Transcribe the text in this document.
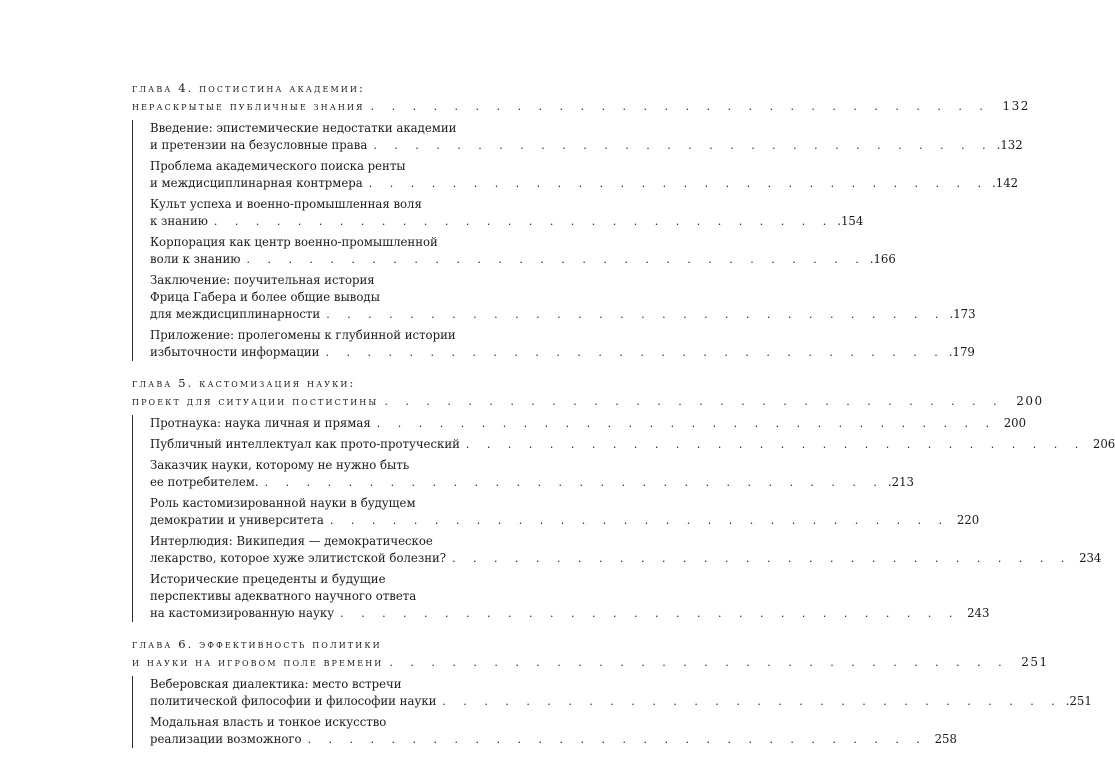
глава 4. постистина академии:
нераскрытые публичные знания . . . . . . . . . . . . . . . . . . . . . . . . . . . . . .	132
Введение: эпистемические недостатки академии
и претензии на безусловные права . . . . . . . . . . . . . . . . . . . . . . . . . . . . . . .132
Проблема академического поиска ренты
и междисциплинарная контрмера . . . . . . . . . . . . . . . . . . . . . . . . . . . . . . .142
Культ успеха и военно-промышленная воля
к знанию . . . . . . . . . . . . . . . . . . . . . . . . . . . . . . .154
Корпорация как центр военно-промышленной
воли к знанию . . . . . . . . . . . . . . . . . . . . . . . . . . . . . . .166
Заключение: поучительная история
Фрица Габера и более общие выводы
для междисциплинарности . . . . . . . . . . . . . . . . . . . . . . . . . . . . . . .173
Приложение: пролегомены к глубинной истории
избыточности информации . . . . . . . . . . . . . . . . . . . . . . . . . . . . . . .179
глава 5. кастомизация науки:
проект для ситуации постистины . . . . . . . . . . . . . . . . . . . . . . . . . . . . . .	200
Протнаука: наука личная и прямая . . . . . . . . . . . . . . . . . . . . . . . . . . . . . . 200
Публичный интеллектуал как прото-протуческий . . . . . . . . . . . . . . . . . . . . . . . . . . . . . . 206
Заказчик науки, которому не нужно быть
ее потребителем. . . . . . . . . . . . . . . . . . . . . . . . . . . . . . . .213
Роль кастомизированной науки в будущем
демократии и университета . . . . . . . . . . . . . . . . . . . . . . . . . . . . . . 220
Интерлюдия: Википедия — демократическое
лекарство, которое хуже элитистской болезни? . . . . . . . . . . . . . . . . . . . . . . . . . . . . . . 234
Исторические прецеденты и будущие
перспективы адекватного научного ответа
на кастомизированную науку . . . . . . . . . . . . . . . . . . . . . . . . . . . . . . 243
глава 6. эффективность политики
и науки на игровом поле времени . . . . . . . . . . . . . . . . . . . . . . . . . . . . . .	251
Веберовская диалектика: место встречи
политической философии и философии науки . . . . . . . . . . . . . . . . . . . . . . . . . . . . . . .251
Модальная власть и тонкое искусство
реализации возможного . . . . . . . . . . . . . . . . . . . . . . . . . . . . . . 258
